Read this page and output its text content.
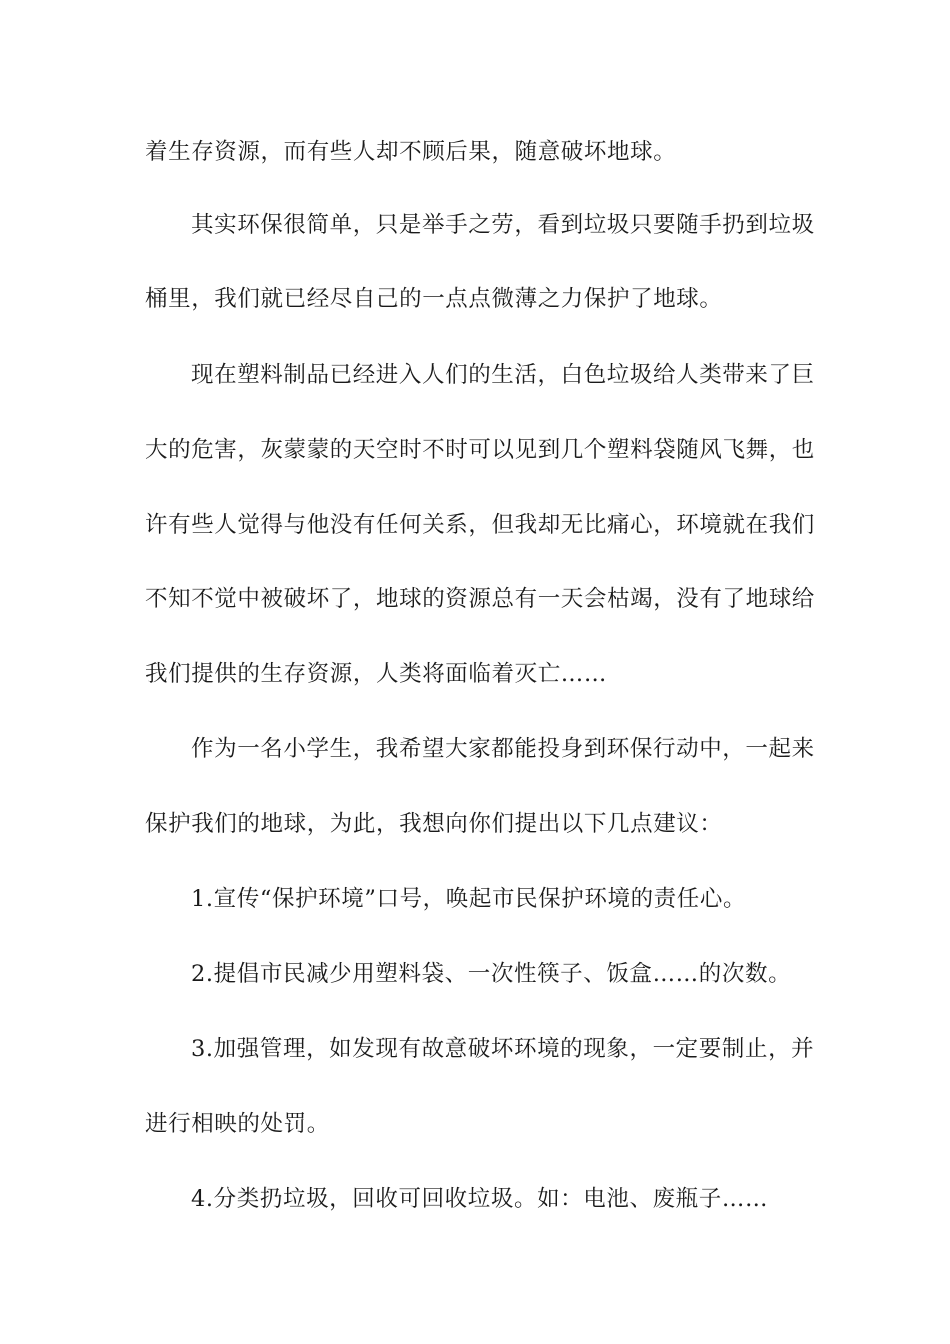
着生存资源，而有些人却不顾后果，随意破坏地球。
其实环保很简单，只是举手之劳，看到垃圾只要随手扔到垃圾
桶里，我们就已经尽自己的一点点微薄之力保护了地球。
现在塑料制品已经进入人们的生活，白色垃圾给人类带来了巨
大的危害，灰蒙蒙的天空时不时可以见到几个塑料袋随风飞舞，也
许有些人觉得与他没有任何关系，但我却无比痛心，环境就在我们
不知不觉中被破坏了，地球的资源总有一天会枯竭，没有了地球给
我们提供的生存资源，人类将面临着灭亡……
作为一名小学生，我希望大家都能投身到环保行动中，一起来
保护我们的地球，为此，我想向你们提出以下几点建议：
1.宣传“保护环境”口号，唤起市民保护环境的责任心。
2.提倡市民减少用塑料袋、一次性筷子、饭盒……的次数。
3.加强管理，如发现有故意破坏环境的现象，一定要制止，并
进行相映的处罚。
4.分类扔垃圾，回收可回收垃圾。如：电池、废瓶子……
